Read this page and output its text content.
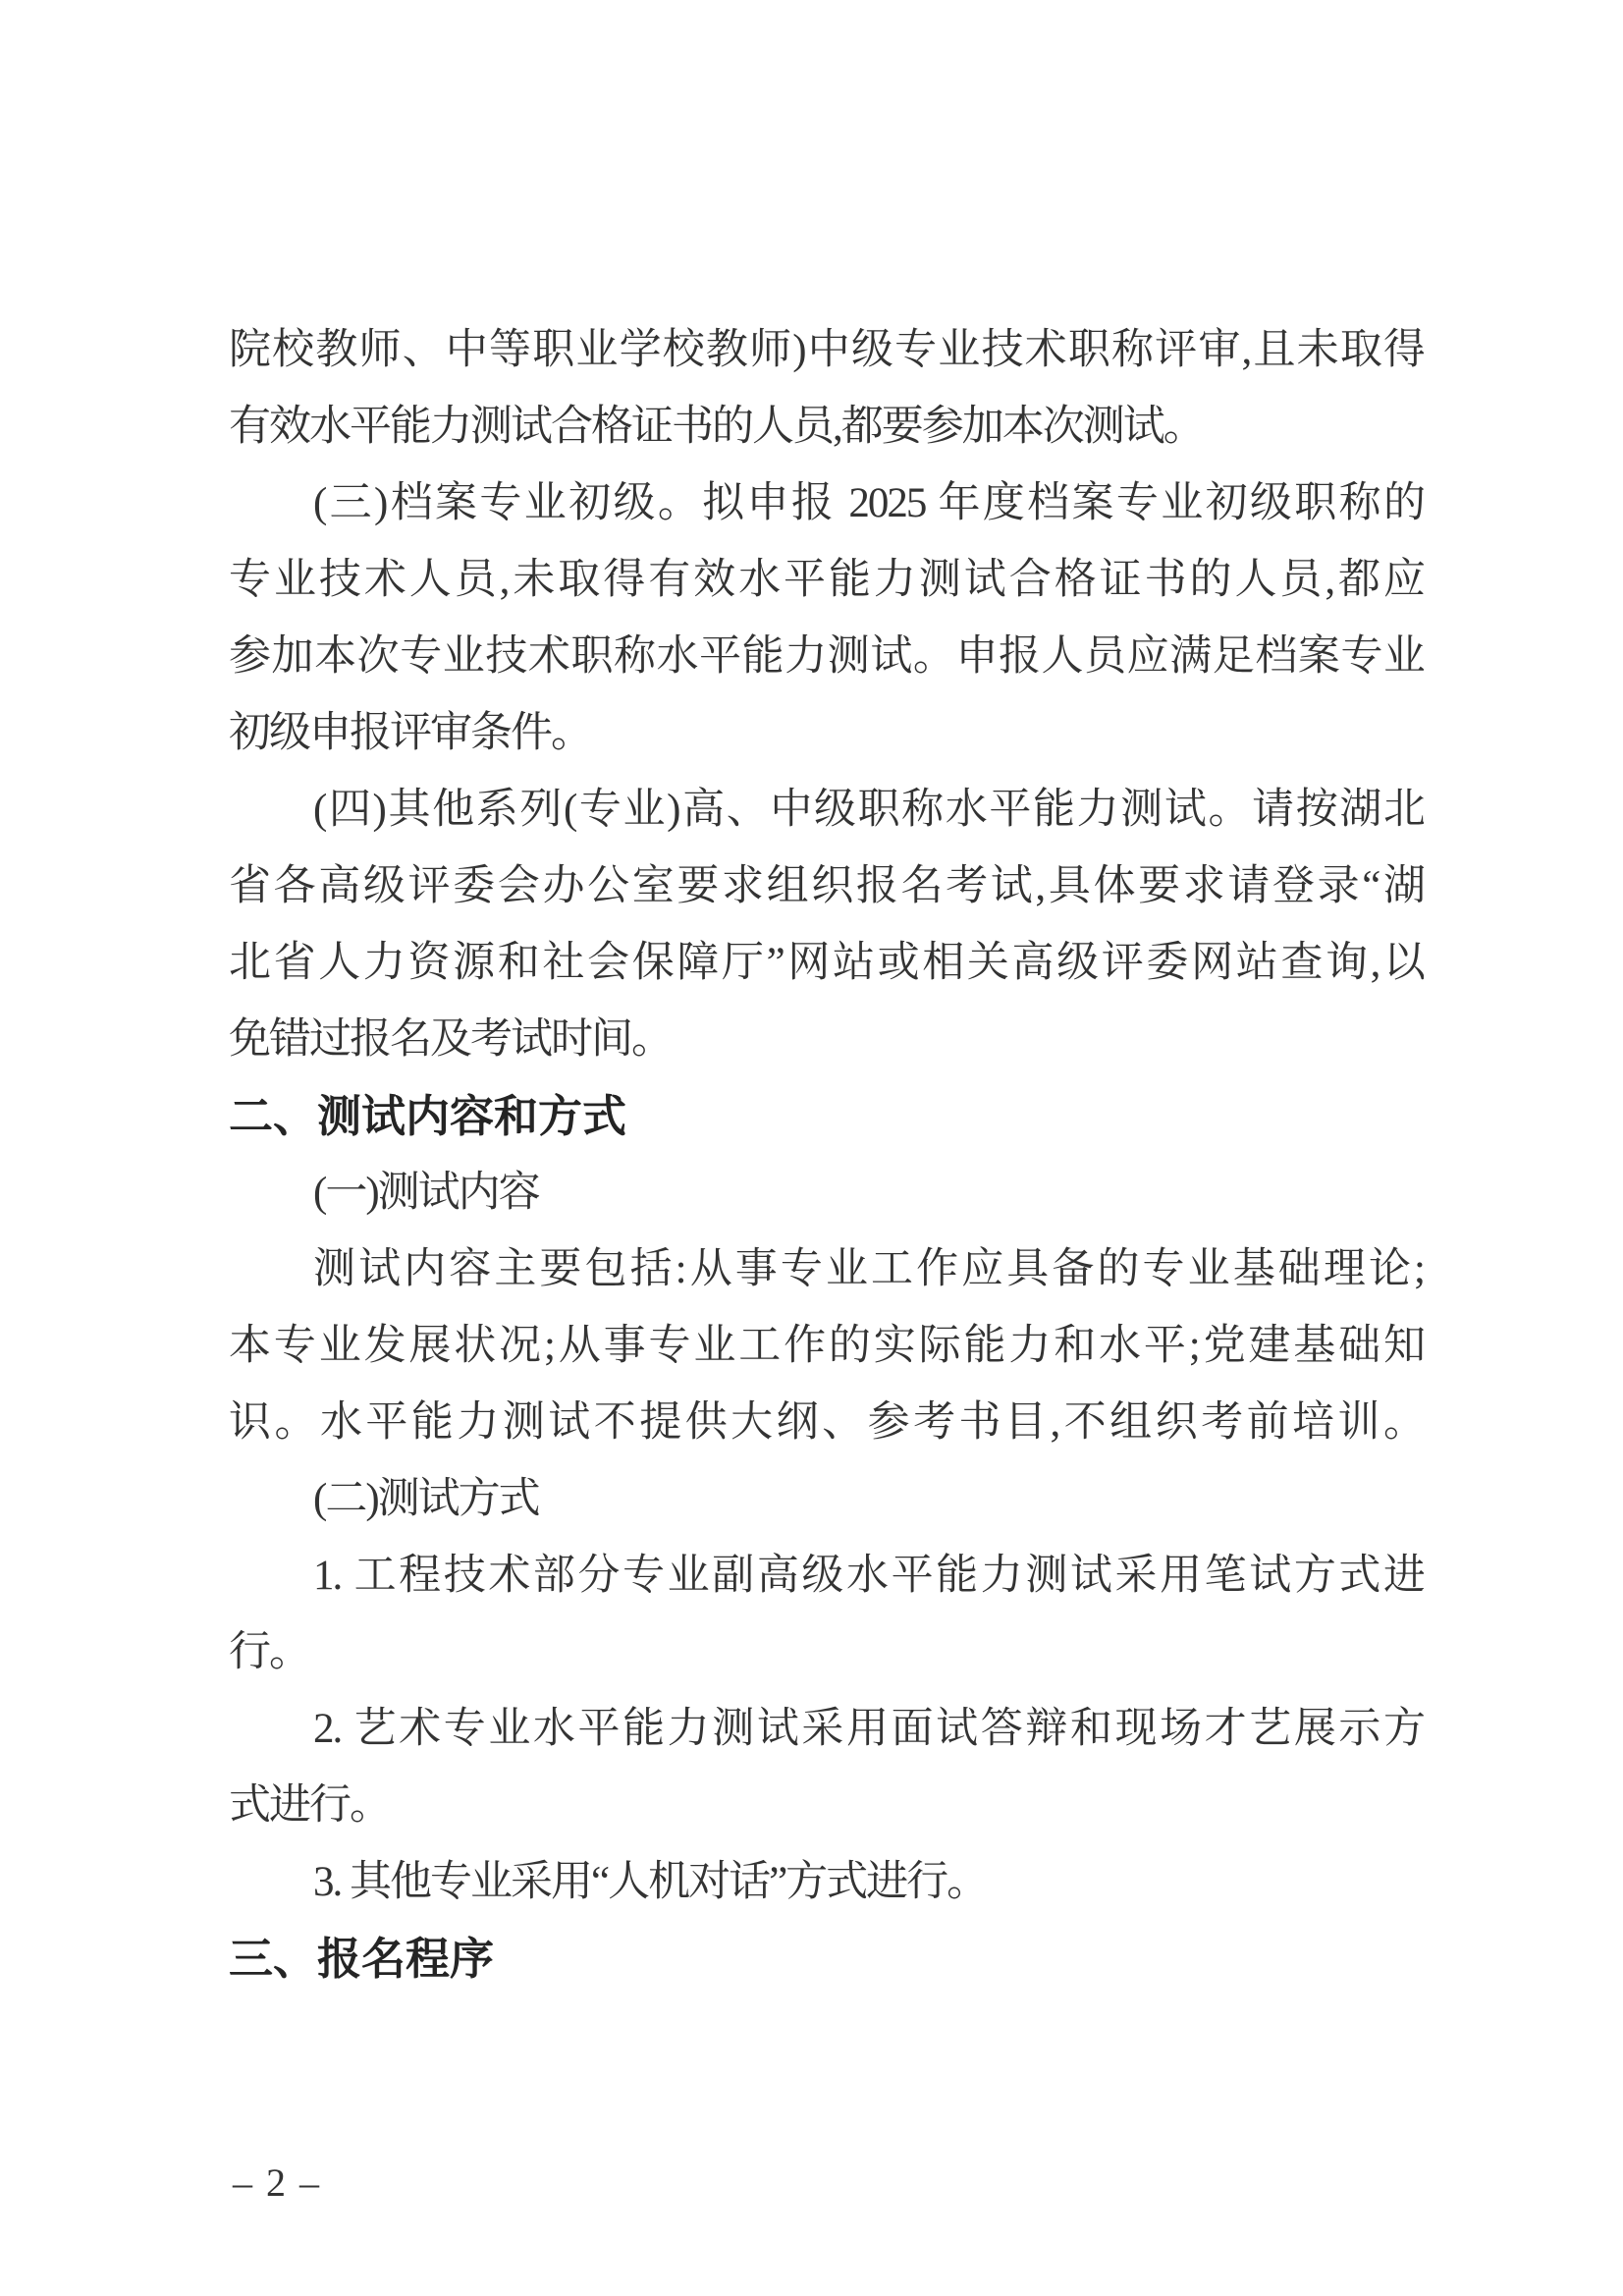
院校教师、中等职业学校教师)中级专业技术职称评审,且未取得
有效水平能力测试合格证书的人员,都要参加本次测试。
(三)档案专业初级。拟申报 2025 年度档案专业初级职称的
专业技术人员,未取得有效水平能力测试合格证书的人员,都应
参加本次专业技术职称水平能力测试。申报人员应满足档案专业
初级申报评审条件。
(四)其他系列(专业)高、中级职称水平能力测试。请按湖北
省各高级评委会办公室要求组织报名考试,具体要求请登录“湖
北省人力资源和社会保障厅”网站或相关高级评委网站查询,以
免错过报名及考试时间。
二、测试内容和方式
(一)测试内容
测试内容主要包括:从事专业工作应具备的专业基础理论;
本专业发展状况;从事专业工作的实际能力和水平;党建基础知
识。水平能力测试不提供大纲、参考书目,不组织考前培训。
(二)测试方式
1. 工程技术部分专业副高级水平能力测试采用笔试方式进
行。
2. 艺术专业水平能力测试采用面试答辩和现场才艺展示方
式进行。
3. 其他专业采用“人机对话”方式进行。
三、报名程序
– 2 –
